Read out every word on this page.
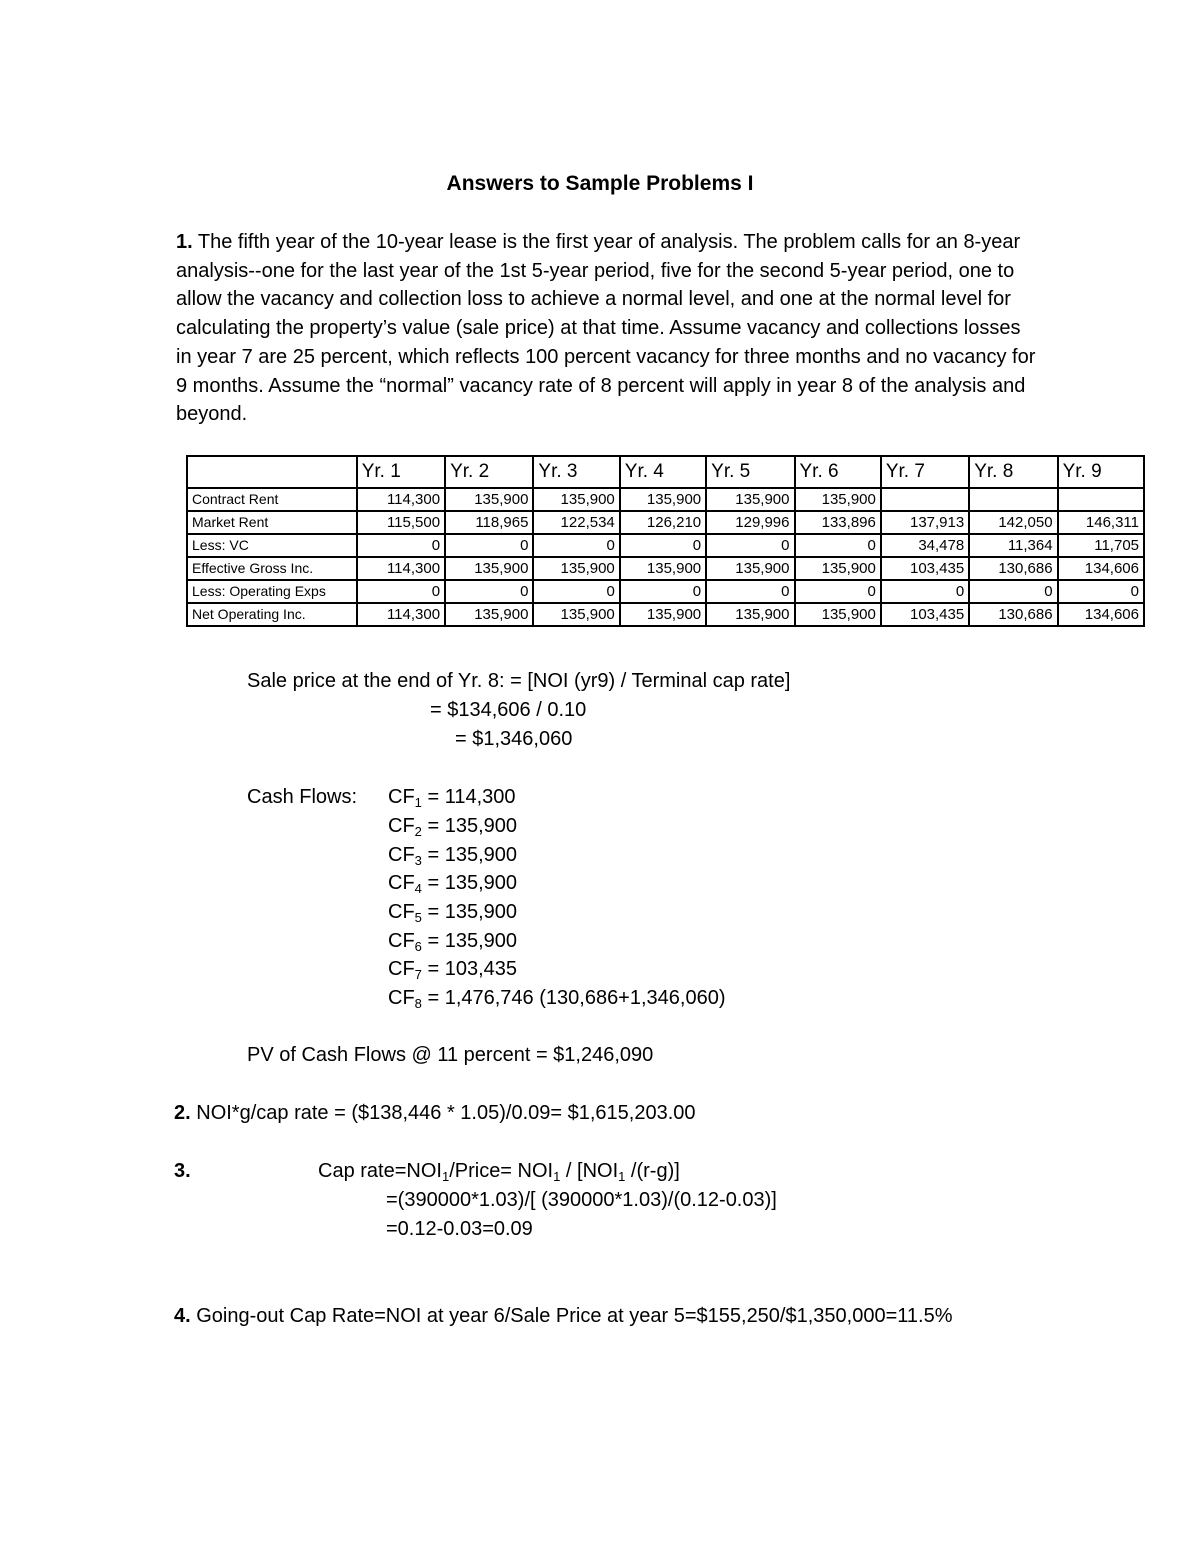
Answers to Sample Problems I

1. The fifth year of the 10-year lease is the first year of analysis. The problem calls for an 8-year analysis--one for the last year of the 1st 5-year period, five for the second 5-year period, one to allow the vacancy and collection loss to achieve a normal level, and one at the normal level for calculating the property’s value (sale price) at that time. Assume vacancy and collections losses in year 7 are 25 percent, which reflects 100 percent vacancy for three months and no vacancy for 9 months. Assume the “normal” vacancy rate of 8 percent will apply in year 8 of the analysis and beyond.

	Yr. 1	Yr. 2	Yr. 3	Yr. 4	Yr. 5	Yr. 6	Yr. 7	Yr. 8	Yr. 9
Contract Rent	114,300	135,900	135,900	135,900	135,900	135,900			
Market Rent	115,500	118,965	122,534	126,210	129,996	133,896	137,913	142,050	146,311
Less: VC	0	0	0	0	0	0	34,478	11,364	11,705
Effective Gross Inc.	114,300	135,900	135,900	135,900	135,900	135,900	103,435	130,686	134,606
Less: Operating Exps	0	0	0	0	0	0	0	0	0
Net Operating Inc.	114,300	135,900	135,900	135,900	135,900	135,900	103,435	130,686	134,606
Sale price at the end of Yr. 8: = [NOI (yr9) / Terminal cap rate]
= $134,606 / 0.10
= $1,346,060
Cash Flows: $CF_1 = 114,300$
$CF_2 = 135,900$
$CF_3 = 135,900$
$CF_4 = 135,900$
$CF_5 = 135,900$
$CF_6 = 135,900$
$CF_7 = 103,435$
$CF_8 = 1,476,746$ (130,686+1,346,060)
PV of Cash Flows @ 11 percent = $1,246,090
2. NOI*g/cap rate = ($138,446 * 1.05)/0.09= $1,615,203.00
3.	Cap $rate=NOI_1/Price= NOI_1 / [NOI_1$ /(r-g)]
=(390000*1.03)/[ (390000*1.03)/(0.12-0.03)]
=0.12-0.03=0.09
4. Going-out Cap Rate=NOI at year 6/Sale Price at year 5=$155,250/$1,350,000=11.5%
